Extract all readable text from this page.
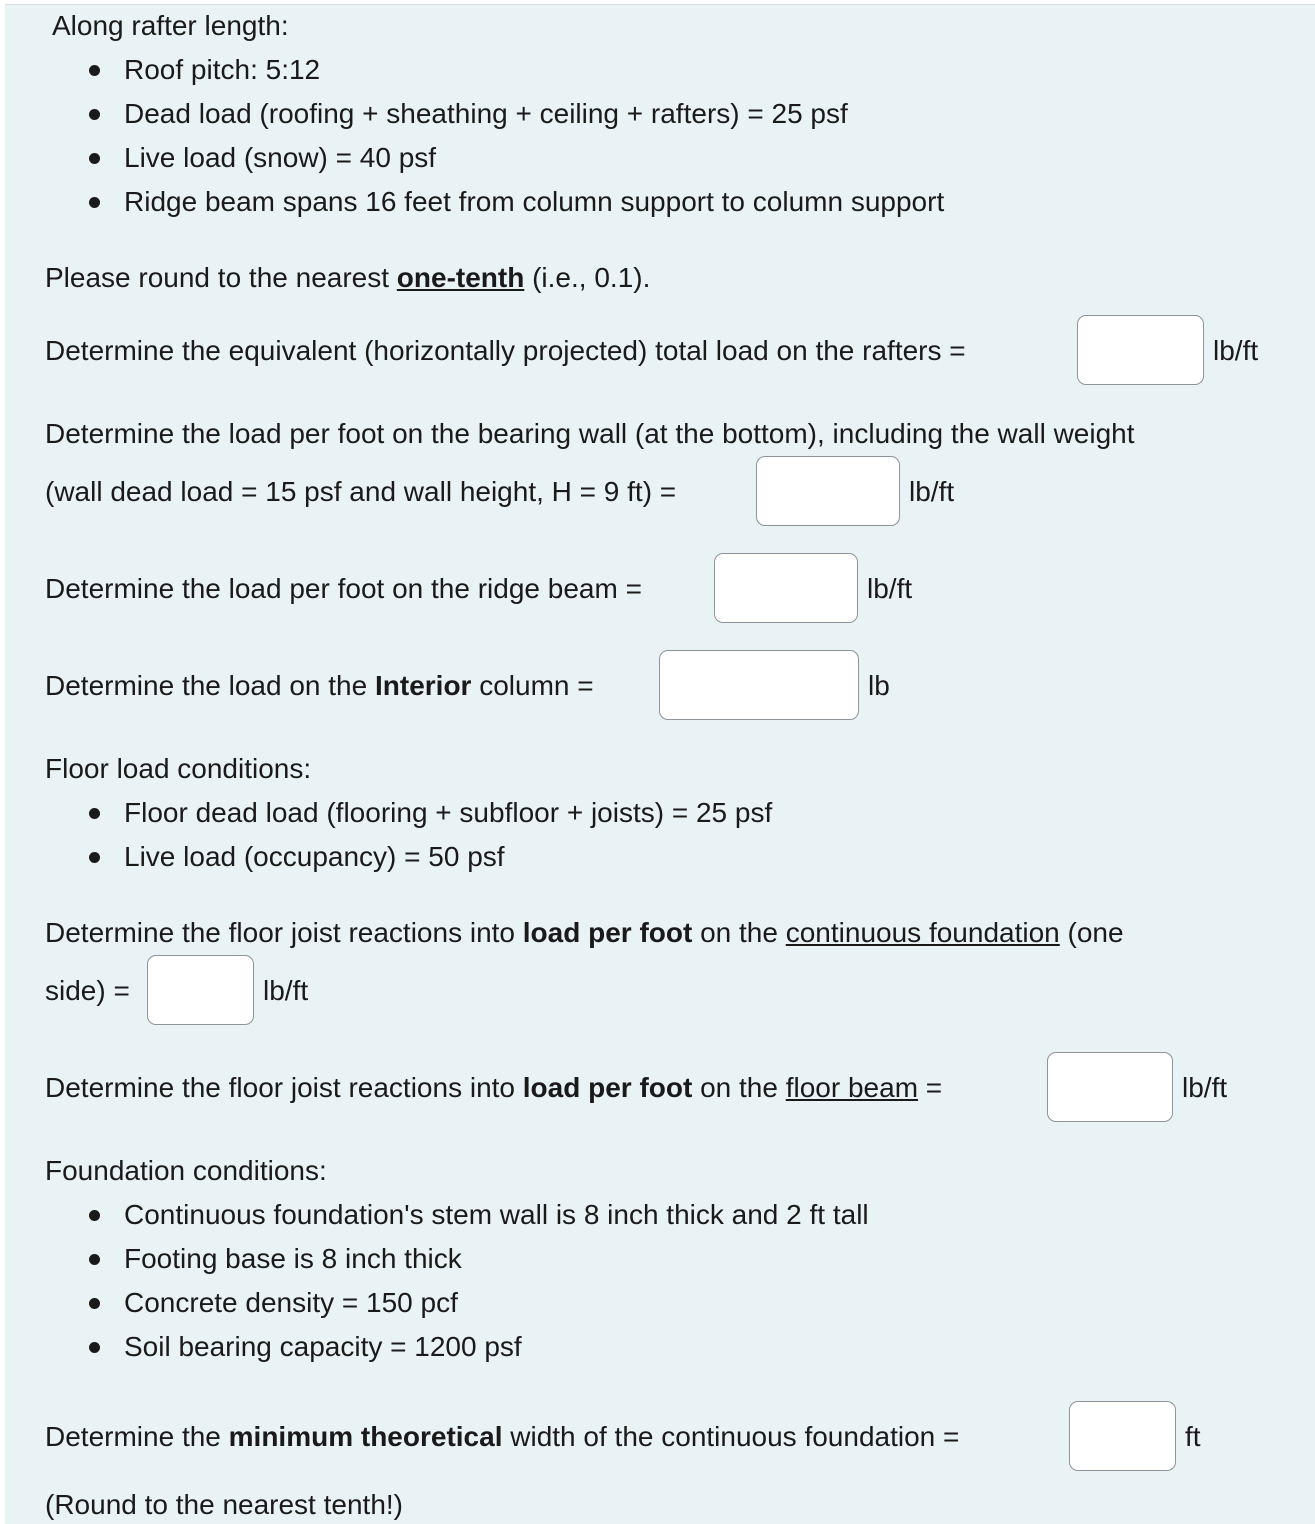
Along rafter length:
Roof pitch: 5:12
Dead load (roofing + sheathing + ceiling + rafters) = 25 psf
Live load (snow) = 40 psf
Ridge beam spans 16 feet from column support to column support
Please round to the nearest one-tenth (i.e., 0.1).
Determine the equivalent (horizontally projected) total load on the rafters =	lb/ft
Determine the load per foot on the bearing wall (at the bottom), including the wall weight
(wall dead load = 15 psf and wall height, H = 9 ft) =	lb/ft
Determine the load per foot on the ridge beam =	lb/ft
Determine the load on the Interior column =	lb
Floor load conditions:
Floor dead load (flooring + subfloor + joists) = 25 psf
Live load (occupancy) = 50 psf
Determine the floor joist reactions into load per foot on the continuous foundation (one
side) =	lb/ft
Determine the floor joist reactions into load per foot on the floor beam =	lb/ft
Foundation conditions:
Continuous foundation's stem wall is 8 inch thick and 2 ft tall
Footing base is 8 inch thick
Concrete density = 150 pcf
Soil bearing capacity = 1200 psf
Determine the minimum theoretical width of the continuous foundation =	ft
(Round to the nearest tenth!)
